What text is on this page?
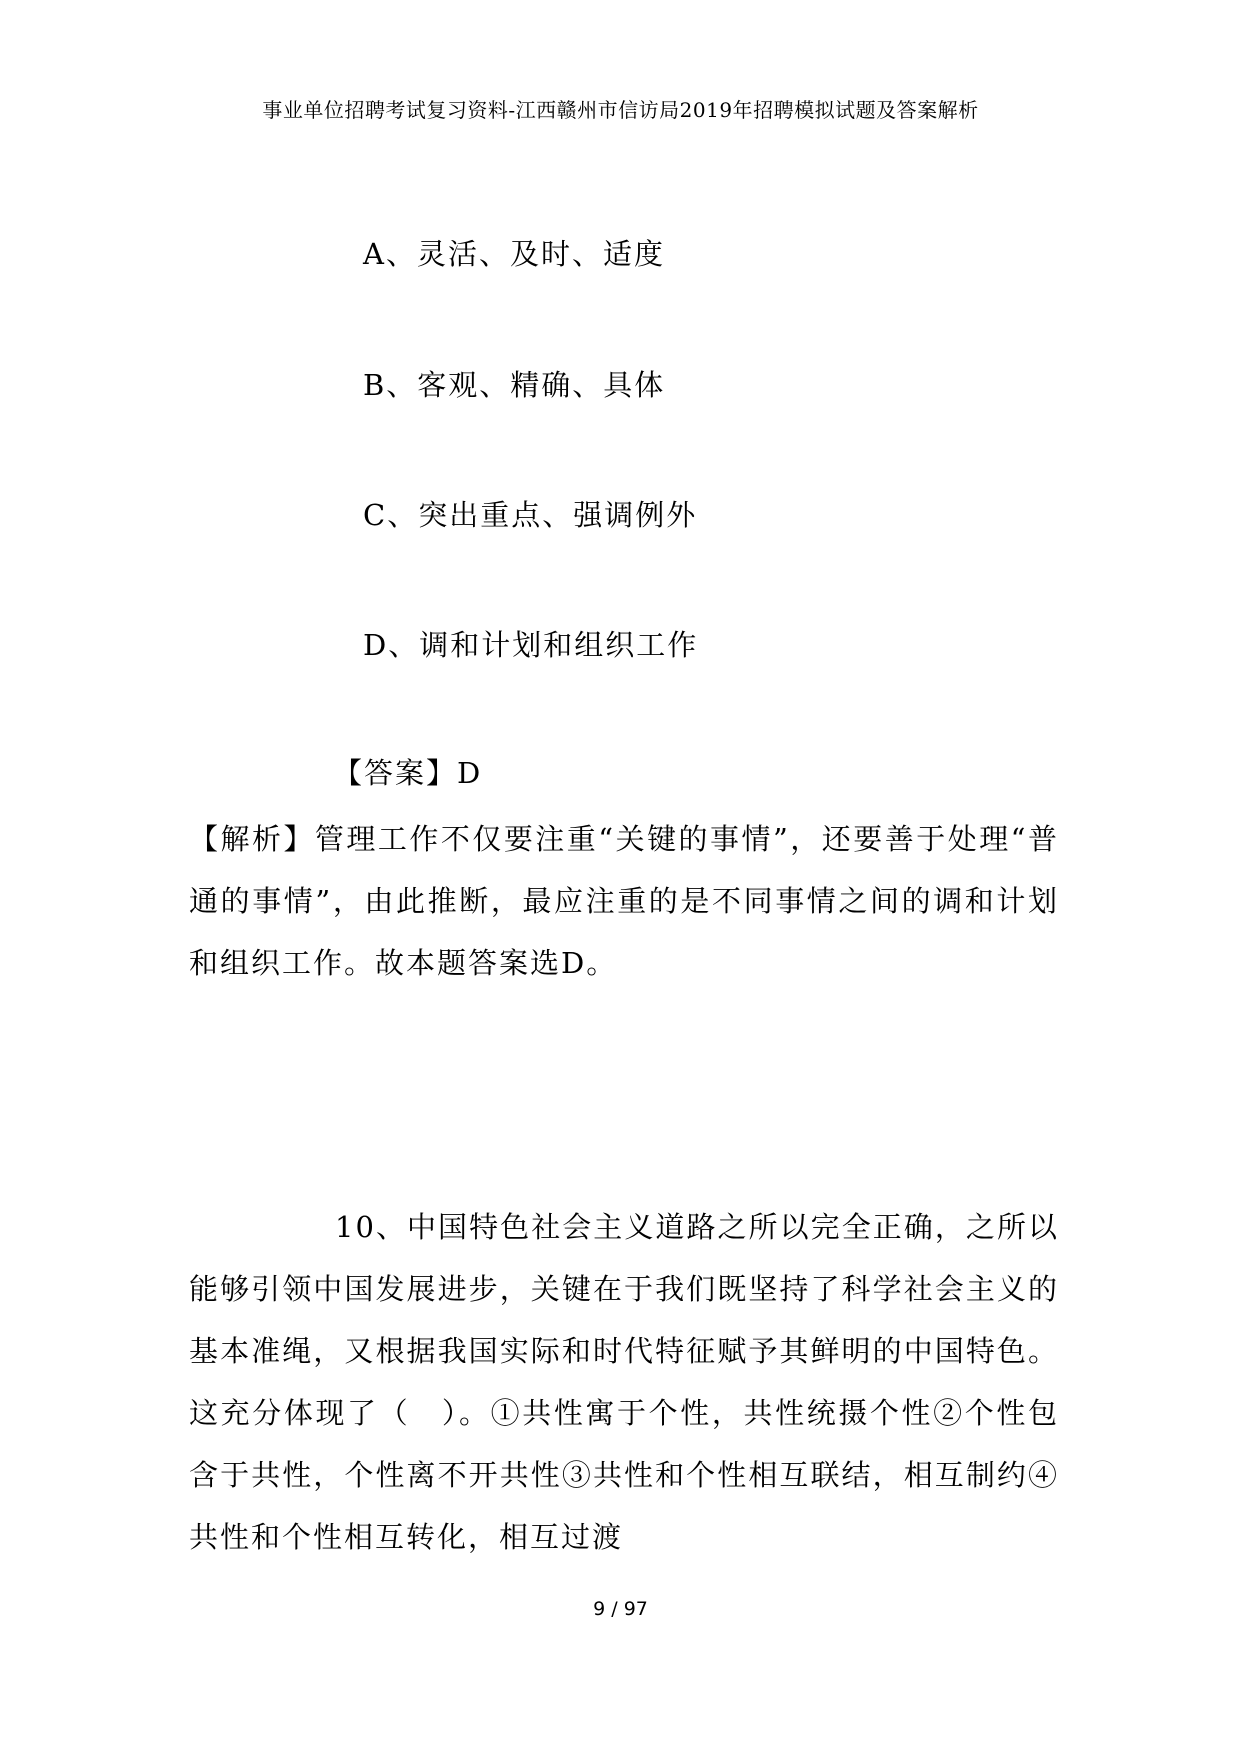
事业单位招聘考试复习资料-江西赣州市信访局2019年招聘模拟试题及答案解析
A、灵活、及时、适度
B、客观、精确、具体
C、突出重点、强调例外
D、调和计划和组织工作
【答案】D
【解析】管理工作不仅要注重“关键的事情”，还要善于处理“普通的事情”，由此推断，最应注重的是不同事情之间的调和计划和组织工作。故本题答案选D。
10、中国特色社会主义道路之所以完全正确，之所以能够引领中国发展进步，关键在于我们既坚持了科学社会主义的基本准绳，又根据我国实际和时代特征赋予其鲜明的中国特色。这充分体现了（　）。①共性寓于个性，共性统摄个性②个性包含于共性，个性离不开共性③共性和个性相互联结，相互制约④共性和个性相互转化，相互过渡
9 / 97
